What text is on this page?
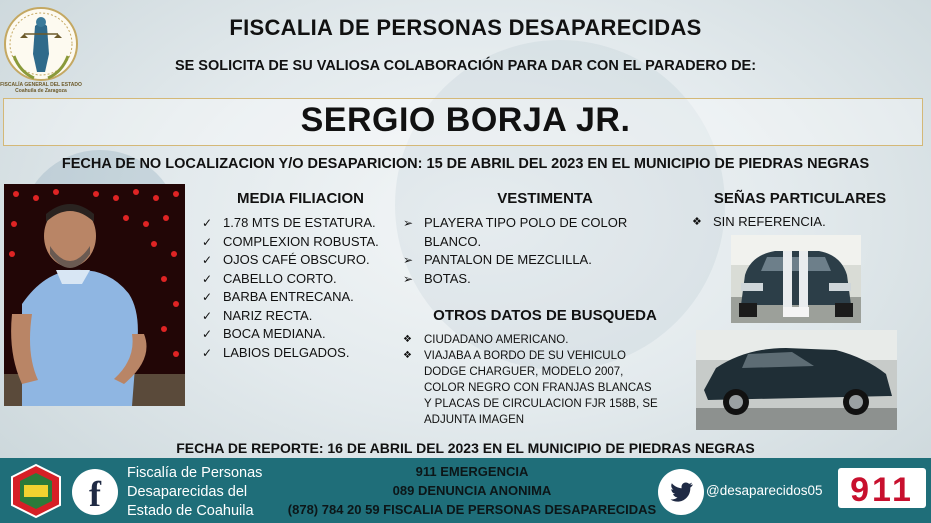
FISCALÍA GENERAL DEL ESTADO Coahuila de Zaragoza
FISCALIA DE PERSONAS DESAPARECIDAS
SE SOLICITA DE SU VALIOSA COLABORACIÓN PARA DAR CON EL PARADERO DE:
SERGIO BORJA JR.
FECHA DE NO LOCALIZACION Y/O DESAPARICION: 15 DE ABRIL DEL 2023 EN EL MUNICIPIO DE PIEDRAS NEGRAS
MEDIA FILIACION
✓ 1.78 MTS DE ESTATURA.
✓ COMPLEXION ROBUSTA.
✓ OJOS CAFÉ OBSCURO.
✓ CABELLO CORTO.
✓ BARBA ENTRECANA.
✓ NARIZ RECTA.
✓ BOCA MEDIANA.
✓ LABIOS DELGADOS.
VESTIMENTA
➢ PLAYERA TIPO POLO DE COLOR BLANCO.
➢ PANTALON DE MEZCLILLA.
➢ BOTAS.
OTROS DATOS DE BUSQUEDA
❖ CIUDADANO AMERICANO.
❖ VIAJABA A BORDO DE SU VEHICULO DODGE CHARGUER, MODELO 2007, COLOR NEGRO CON FRANJAS BLANCAS Y PLACAS DE CIRCULACION FJR 158B, SE ADJUNTA IMAGEN
SEÑAS PARTICULARES
❖ SIN REFERENCIA.
FECHA DE REPORTE: 16 DE ABRIL DEL 2023 EN EL MUNICIPIO DE PIEDRAS NEGRAS
f
Fiscalía de Personas
Desaparecidas del
Estado de Coahuila
911 EMERGENCIA
089 DENUNCIA ANONIMA
(878) 784 20 59 FISCALIA DE PERSONAS DESAPARECIDAS
@desaparecidos05 911
